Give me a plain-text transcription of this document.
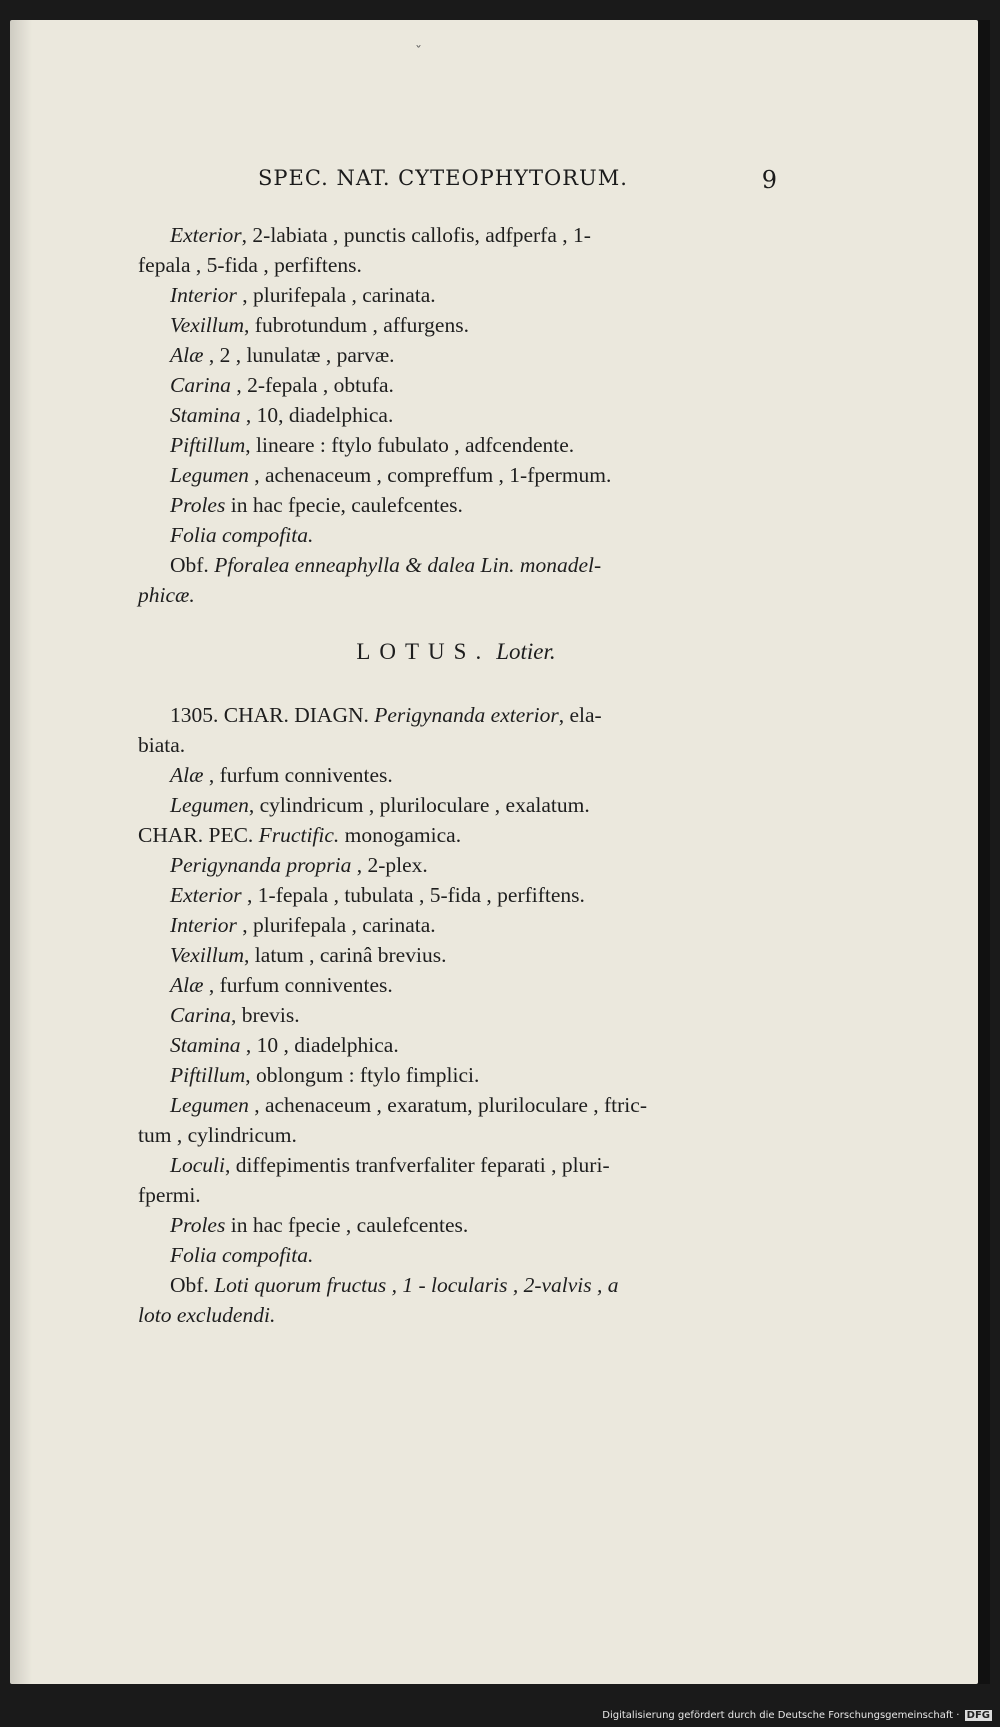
ˇ
SPEC. NAT. CYTEOPHYTORUM.	9
Exterior, 2-labiata , punctis callofis, adfperfa , 1-
fepala , 5-fida , perfiftens.
Interior , plurifepala , carinata.
Vexillum, fubrotundum , affurgens.
Alæ , 2 , lunulatæ , parvæ.
Carina , 2-fepala , obtufa.
Stamina , 10, diadelphica.
Piftillum, lineare : ftylo fubulato , adfcendente.
Legumen , achenaceum , compreffum , 1-fpermum.
Proles in hac fpecie, caulefcentes.
Folia compofita.
Obf. Pforalea enneaphylla & dalea Lin. monadel-
phicæ.
LOTUS. Lotier.
1305. CHAR. DIAGN. Perigynanda exterior, ela-
biata.
Alæ , furfum conniventes.
Legumen, cylindricum , pluriloculare , exalatum.
CHAR. PEC. Fructific. monogamica.
Perigynanda propria , 2-plex.
Exterior , 1-fepala , tubulata , 5-fida , perfiftens.
Interior , plurifepala , carinata.
Vexillum, latum , carinâ brevius.
Alæ , furfum conniventes.
Carina, brevis.
Stamina , 10 , diadelphica.
Piftillum, oblongum : ftylo fimplici.
Legumen , achenaceum , exaratum, pluriloculare , ftric-
tum , cylindricum.
Loculi, diffepimentis tranfverfaliter feparati , pluri-
fpermi.
Proles in hac fpecie , caulefcentes.
Folia compofita.
Obf. Loti quorum fructus , 1 - locularis , 2-valvis , a
loto excludendi.
Digitalisierung gefördert durch die Deutsche Forschungsgemeinschaft · DFG
